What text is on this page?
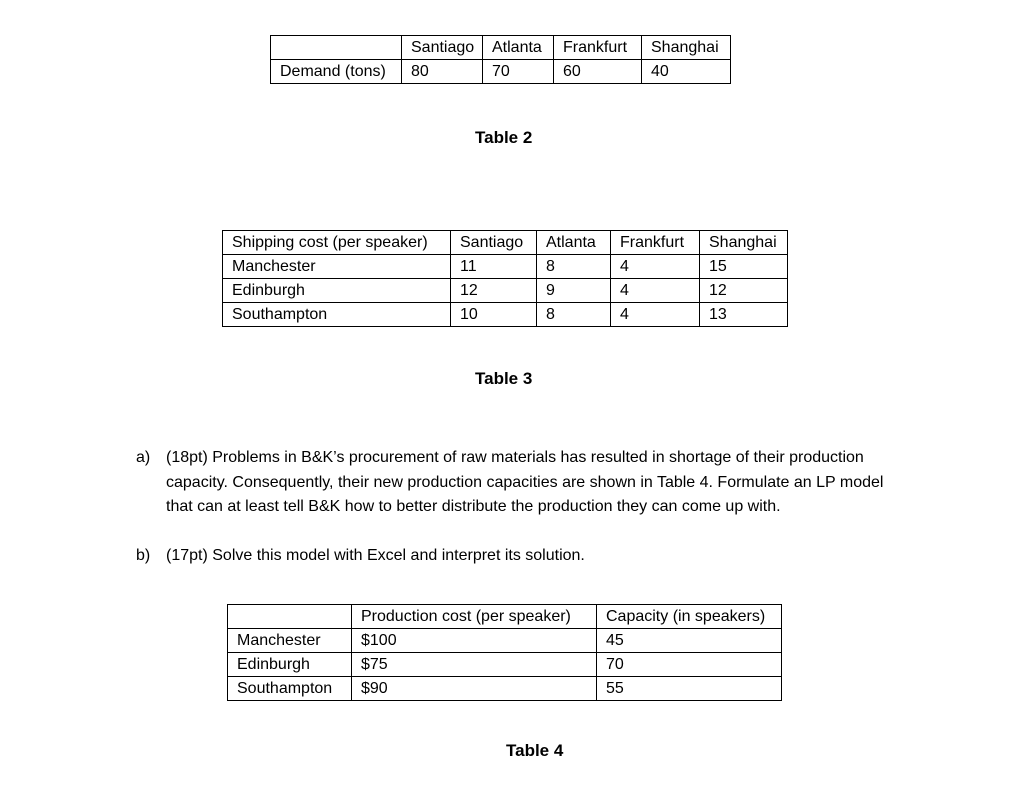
	Santiago	Atlanta	Frankfurt	Shanghai
Demand (tons)	80	70	60	40
Table 2
Shipping cost (per speaker)	Santiago	Atlanta	Frankfurt	Shanghai
Manchester	11	8	4	15
Edinburgh	12	9	4	12
Southampton	10	8	4	13
Table 3
a) (18pt) Problems in B&K’s procurement of raw materials has resulted in shortage of their production capacity. Consequently, their new production capacities are shown in Table 4. Formulate an LP model that can at least tell B&K how to better distribute the production they can come up with.
b) (17pt) Solve this model with Excel and interpret its solution.
	Production cost (per speaker)	Capacity (in speakers)
Manchester	$100	45
Edinburgh	$75	70
Southampton	$90	55
Table 4
